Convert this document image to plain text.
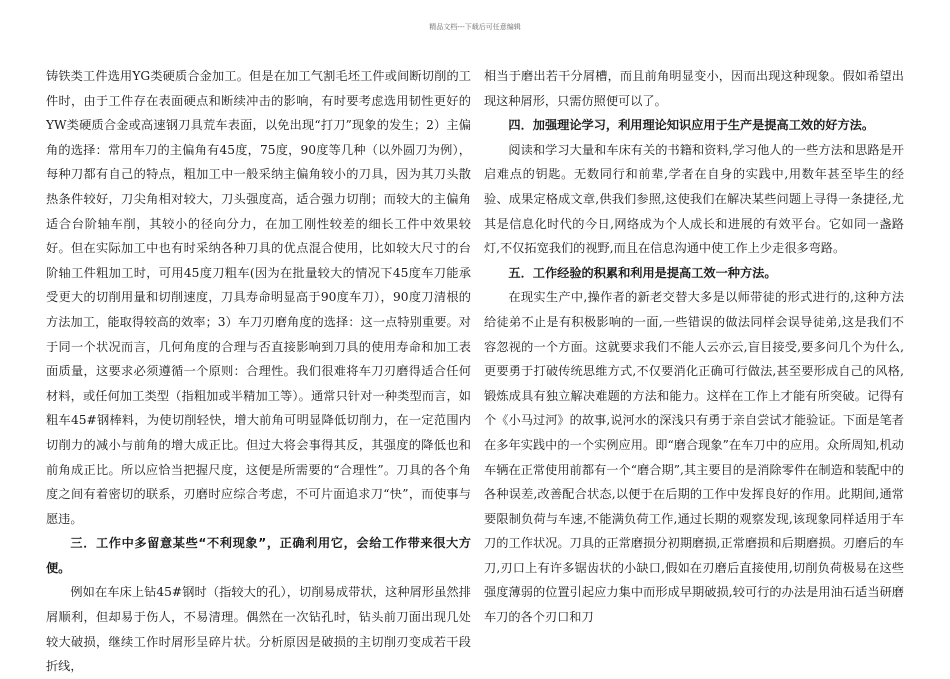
精品文档---下载后可任意编辑

铸铁类工件选用YG类硬质合金加工。但是在加工气割毛坯工件或间断切削的工件时，由于工件存在表面硬点和断续冲击的影响，有时要考虑选用韧性更好的YW类硬质合金或高速钢刀具荒车表面，以免出现“打刀”现象的发生；2）主偏角的选择：常用车刀的主偏角有45度，75度，90度等几种（以外圆刀为例），每种刀都有自己的特点，粗加工中一般采纳主偏角较小的刀具，因为其刀头散热条件较好，刀尖角相对较大，刀头强度高，适合强力切削；而较大的主偏角适合台阶轴车削，其较小的径向分力，在加工刚性较差的细长工件中效果较好。但在实际加工中也有时采纳各种刀具的优点混合使用，比如较大尺寸的台阶轴工件粗加工时，可用45度刀粗车(因为在批量较大的情况下45度车刀能承受更大的切削用量和切削速度，刀具寿命明显高于90度车刀），90度刀清根的方法加工，能取得较高的效率；3）车刀刃磨角度的选择：这一点特别重要。对于同一个状况而言，几何角度的合理与否直接影响到刀具的使用寿命和加工表面质量，这要求必须遵循一个原则：合理性。我们很难将车刀刃磨得适合任何材料，或任何加工类型（指粗加或半精加工等）。通常只针对一种类型而言，如粗车45#钢棒料，为使切削轻快，增大前角可明显降低切削力，在一定范围内切削力的减小与前角的增大成正比。但过大将会事得其反，其强度的降低也和前角成正比。所以应恰当把握尺度，这便是所需要的“合理性”。刀具的各个角度之间有着密切的联系，刃磨时应综合考虑，不可片面追求刀“快”，而使事与愿违。

三．工作中多留意某些“不利现象”，正确利用它，会给工作带来很大方便。

例如在车床上钻45#钢时（指较大的孔），切削易成带状，这种屑形虽然排屑顺利，但却易于伤人，不易清理。偶然在一次钻孔时，钻头前刀面出现几处较大破损，继续工作时屑形呈碎片状。分析原因是破损的主切削刃变成若干段折线，

相当于磨出若干分屑槽，而且前角明显变小，因而出现这种现象。假如希望出现这种屑形，只需仿照便可以了。

四．加强理论学习，利用理论知识应用于生产是提高工效的好方法。

阅读和学习大量和车床有关的书籍和资料,学习他人的一些方法和思路是开启难点的钥匙。无数同行和前辈,学者在自身的实践中,用数年甚至毕生的经验、成果定格成文章,供我们参照,这使我们在解决某些问题上寻得一条捷径,尤其是信息化时代的今日,网络成为个人成长和进展的有效平台。它如同一盏路灯,不仅拓宽我们的视野,而且在信息沟通中使工作上少走很多弯路。

五．工作经验的积累和利用是提高工效一种方法。

在现实生产中,操作者的新老交替大多是以师带徒的形式进行的,这种方法给徒弟不止是有积极影响的一面,一些错误的做法同样会误导徒弟,这是我们不容忽视的一个方面。这就要求我们不能人云亦云,盲目接受,要多问几个为什么,更要勇于打破传统思维方式,不仅要消化正确可行做法,甚至要形成自己的风格,锻炼成具有独立解决难题的方法和能力。这样在工作上才能有所突破。记得有个《小马过河》的故事,说河水的深浅只有勇于亲自尝试才能验证。下面是笔者在多年实践中的一个实例应用。即“磨合现象”在车刀中的应用。众所周知,机动车辆在正常使用前都有一个“磨合期”,其主要目的是消除零件在制造和装配中的各种误差,改善配合状态,以便于在后期的工作中发挥良好的作用。此期间,通常要限制负荷与车速,不能满负荷工作,通过长期的观察发现,该现象同样适用于车刀的工作状况。刀具的正常磨损分初期磨损,正常磨损和后期磨损。刃磨后的车刀,刃口上有许多锯齿状的小缺口,假如在刃磨后直接使用,切削负荷极易在这些强度薄弱的位置引起应力集中而形成早期破损,较可行的办法是用油石适当研磨车刀的各个刃口和刀
